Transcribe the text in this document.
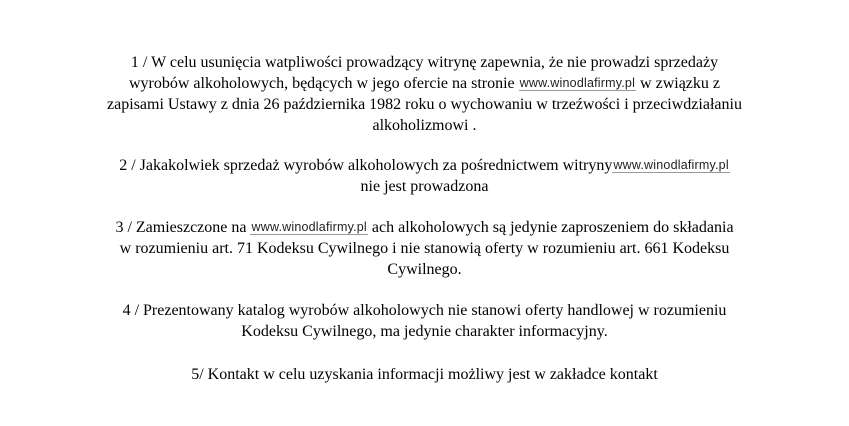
1 / W celu usunięcia watpliwości prowadzący witrynę zapewnia, że nie prowadzi sprzedaży
wyrobów alkoholowych, będących w jego ofercie na stronie www.winodlafirmy.pl w związku z
zapisami Ustawy z dnia 26 października 1982 roku o wychowaniu w trzeźwości i przeciwdziałaniu
alkoholizmowi .
2 / Jakakolwiek sprzedaż wyrobów alkoholowych za pośrednictwem witrynywww.winodlafirmy.pl
nie jest prowadzona
3 / Zamieszczone na www.winodlafirmy.pl ach alkoholowych są jedynie zaproszeniem do składania
w rozumieniu art. 71 Kodeksu Cywilnego i nie stanowią oferty w rozumieniu art. 661 Kodeksu
Cywilnego.
4 / Prezentowany katalog wyrobów alkoholowych nie stanowi oferty handlowej w rozumieniu
Kodeksu Cywilnego, ma jedynie charakter informacyjny.
5/ Kontakt w celu uzyskania informacji możliwy jest w zakładce kontakt
